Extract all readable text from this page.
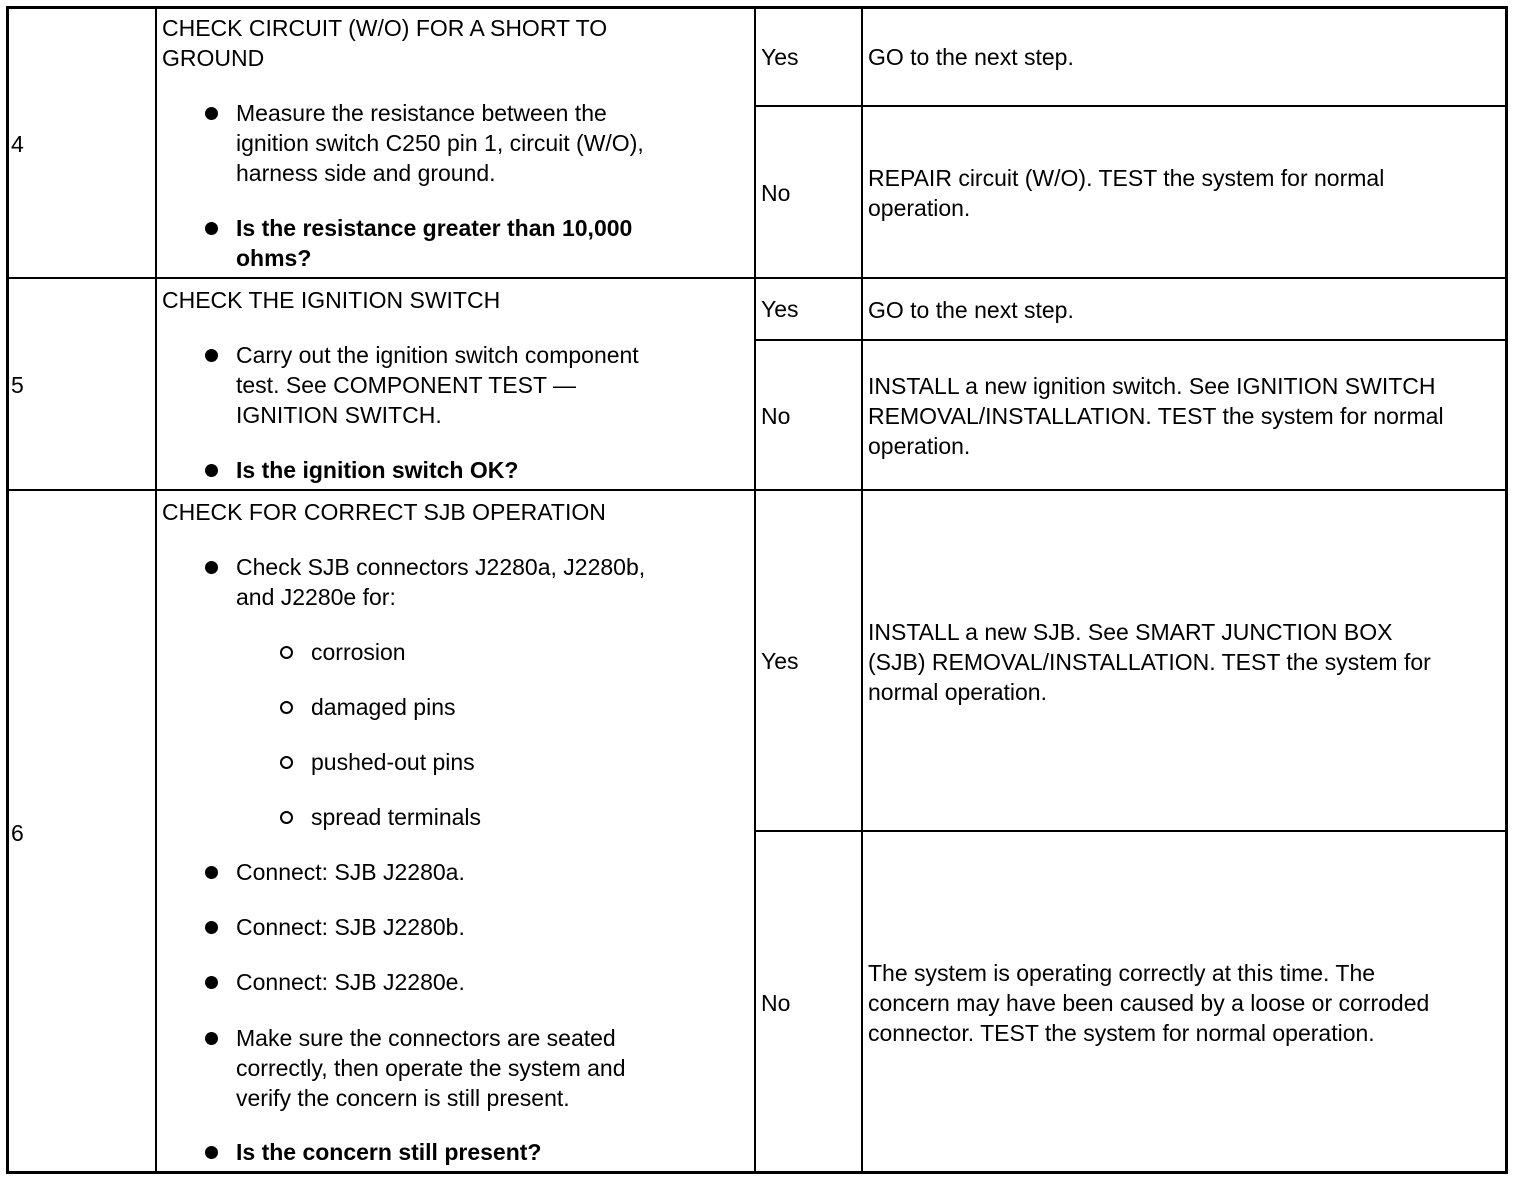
4
CHECK CIRCUIT (W/O) FOR A SHORT TO
GROUND
Measure the resistance between the
ignition switch C250 pin 1, circuit (W/O),
harness side and ground.
Is the resistance greater than 10,000
ohms?
Yes	GO to the next step.
No
REPAIR circuit (W/O). TEST the system for normal
operation.
5
CHECK THE IGNITION SWITCH
Carry out the ignition switch component
test. See COMPONENT TEST —
IGNITION SWITCH.
Is the ignition switch OK?
Yes	GO to the next step.
No
INSTALL a new ignition switch. See IGNITION SWITCH
REMOVAL/INSTALLATION. TEST the system for normal
operation.
6
CHECK FOR CORRECT SJB OPERATION
Check SJB connectors J2280a, J2280b,
and J2280e for:
corrosion
damaged pins
pushed-out pins
spread terminals
Connect: SJB J2280a.
Connect: SJB J2280b.
Connect: SJB J2280e.
Make sure the connectors are seated
correctly, then operate the system and
verify the concern is still present.
Is the concern still present?
Yes
INSTALL a new SJB. See SMART JUNCTION BOX
(SJB) REMOVAL/INSTALLATION. TEST the system for
normal operation.
No
The system is operating correctly at this time. The
concern may have been caused by a loose or corroded
connector. TEST the system for normal operation.
